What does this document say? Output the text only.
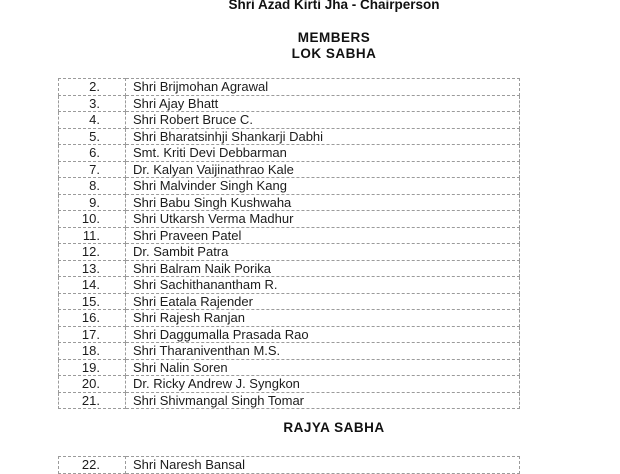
Shri Azad Kirti Jha - Chairperson
MEMBERS
LOK SABHA
2.	Shri Brijmohan Agrawal
3.	Shri Ajay Bhatt
4.	Shri Robert Bruce C.
5.	Shri Bharatsinhji Shankarji Dabhi
6.	Smt. Kriti Devi Debbarman
7.	Dr. Kalyan Vaijinathrao Kale
8.	Shri Malvinder Singh Kang
9.	Shri Babu Singh Kushwaha
10.	Shri Utkarsh Verma Madhur
11.	Shri Praveen Patel
12.	Dr. Sambit Patra
13.	Shri Balram Naik Porika
14.	Shri Sachithanantham R.
15.	Shri Eatala Rajender
16.	Shri Rajesh Ranjan
17.	Shri Daggumalla Prasada Rao
18.	Shri Tharaniventhan M.S.
19.	Shri Nalin Soren
20.	Dr. Ricky Andrew J. Syngkon
21.	Shri Shivmangal Singh Tomar
RAJYA SABHA
22.	Shri Naresh Bansal
